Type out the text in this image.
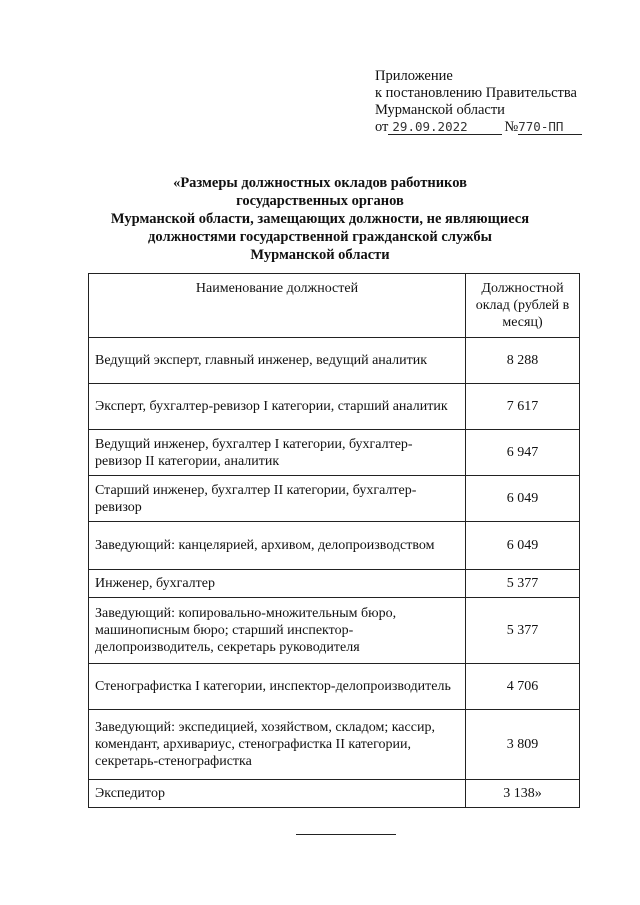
Приложение
к постановлению Правительства
Мурманской области
от 29.09.2022	№ 770-ПП
«Размеры должностных окладов работников
государственных органов
Мурманской области, замещающих должности, не являющиеся
должностями государственной гражданской службы
Мурманской области
Наименование должностей	Должностной оклад (рублей в месяц)
Ведущий эксперт, главный инженер, ведущий аналитик	8 288
Эксперт, бухгалтер-ревизор I категории, старший аналитик	7 617
Ведущий инженер, бухгалтер I категории, бухгалтер-ревизор II категории, аналитик	6 947
Старший инженер, бухгалтер II категории, бухгалтер-ревизор	6 049
Заведующий: канцелярией, архивом, делопроизводством	6 049
Инженер, бухгалтер	5 377
Заведующий: копировально-множительным бюро, машинописным бюро; старший инспектор-делопроизводитель, секретарь руководителя	5 377
Стенографистка I категории, инспектор-делопроизводитель	4 706
Заведующий: экспедицией, хозяйством, складом; кассир, комендант, архивариус, стенографистка II категории, секретарь-стенографистка	3 809
Экспедитор	3 138»
